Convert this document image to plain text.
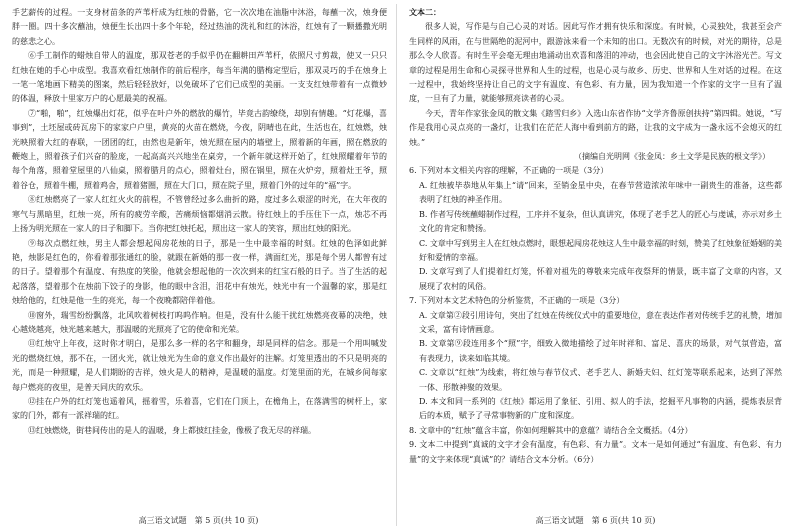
手艺薪传的过程。一支身材苗条的芦苇杆成为红烛的骨骼，它一次次地在油脂中沐浴，每蘸一次，烛身便胖一圈。四十多次蘸油，烛便生长出四十多个年轮，经过热油的洗礼和红的沐浴，红烛有了一颗播撒光明的慈悲之心。

⑥手工制作的蜡烛自带人的温度，那双苍老的手似乎仍在翻耕田芦苇杆，依照尺寸剪裁，使又一只只红烛在她的手心中成型。我喜欢看红烛制作的前后程序，每当年满的腊梅定型后，那双灵巧的手在烛身上一笔一笔地画下精美的图案，然后轻轻放好，以免破坏了它们已成型的美丽。一支支红烛带着有一点微妙的体温，释放十里家万户的心愿最美的祝福。

⑦“啪，啪”，红烛爆出灯花，似乎在叶户外的燃放的爆竹，毕竟古韵缭绕，却别有情趣。“灯花爆，喜事到”，土坯屋或砖瓦房下的家家户户里，黄亮的火苗在燃烧，今夜，阴晴也在此，生活也在，红烛燃，烛光映照着大红的春联，一团团的红，由然也是新年，烛光照在屋内的墙壁上，照着新的年画，照在燃放的鞭炮上，照着孩子们兴奋的脸庞，一起高高兴兴地坐在桌旁，一个新年就这样开始了，红烛照耀着年节的每个角落，照着堂屋里的八仙桌，照着腊月的点心，照着灶台，照在锅里，照在火炉旁，照着灶王爷，照着谷仓，照着牛棚，照着鸡舍，照着猪圈，照在大门口，照在院子里，照着门外的过年的“福”字。

⑧红烛燃亮了一家人红红火火的前程，不管曾经过多么曲折的路，度过多么艰涩的时光，在大年夜的寒气与黑暗里，红烛一亮，所有的疲劳辛酸，苦痛烦恼都烟消云散。待红烛上的手压住下一点，烛芯不再上扬为明光照在一家人的日子和脚下。当你把红烛托起，照出这一家人的笑容，照出红烛的阳光。

⑨每次点燃红烛，男主人都会想起闯房花烛的日子，那是一生中最幸福的时刻。红烛的色泽如此鲜艳，烛影是红色的，你看着那张通红的脸，就跟在新婚的那一夜一样，满面红光，那是每个男人都曾有过的日子。望着那个有温度、有热度的笑脸，他就会想起他的一次次到来的红宝石般的日子。当了生活的起起落落，望着那个在烛前下饺子的身影，他的眼中含泪，泪花中有烛光，烛光中有一个温馨的家，那是红烛给他的，红烛是他一生的亮光，每一个夜晚都陪伴着他。

⑩窗外，瑞雪纷纷飘落，北风吹着树枝打呜呜作响。但是，没有什么能干扰红烛燃亮夜幕的决绝，烛心越烧越亮，烛光越来越大，那温暖的光照亮了它的使命和光荣。

⑪红烛守上年夜，这时你才明白，是那么多一样的名字和翻身，却是同样的信念。那是一个用叫喊发光的燃烧红烛，那不在，一团火光，就让烛光为生命的意义作出最好的注解。灯笼里透出的不只是明亮的光，而是一种照耀，是人们期盼的吉祥，烛火是人的精神，是温暖的温度。灯笼里面的光，在城乡间每家每户燃亮的夜里，是普天同庆的欢乐。

⑫挂在户外的红灯笼也遥着风，摇着雪，乐着喜，它们在门顶上，在檐角上，在落满雪的树杆上，家家的门外，都有一派祥瑞的红。

⑬红烛燃烧，街巷间传出的是人的温暖，身上都披红挂金，像极了我无尽的祥瑞。

高三语文试题　第 5 页(共 10 页)

文本二：

很多人说，写作是与自己心灵的对话。因此写作才拥有快乐和深度。有时候，心灵独处，我甚至会产生同样的风雨，在与世隔绝的泥河中，跟游泳来看一个未知的出口。无数次有的时候，对光的期待，总是那么令人欣喜。有时生平会毫无理由地涌动出欢喜和落泪的冲动，也会因此使自己的文字沐浴光芒。写文章的过程是用生命和心灵探寻世界和人生的过程，也是心灵与故乡、历史、世界和人生对话的过程。在这一过程中，我始终坚持让自己的文字有温度、有色彩、有力量，因为我知道一个作家的文字一旦有了温度，一旦有了力量，就能够照亮读者的心灵。

今天，青年作家张金凤的散文集《踏雪归乡》入选山东省作协“文学齐鲁原创扶持”第四辑。她说，“写作是我用心灵点亮的一盏灯，让我们在茫茫人海中看到前方的路，让我的文字成为一盏永远不会熄灭的红烛。”

（摘编自光明网《张金凤：乡土文学是民族的根文学》）

6. 下列对本文相关内容的理解，不正确的一项是（3分）

A. 红烛被毕恭地从年集上“请”回来，至销金星中央，在春节营造浓浓年味中一副贵生的准备，这些都表明了红烛的神圣作用。

B. 作者写传统蘸蜡制作过程，工序并不复杂，但认真讲究，体现了老手艺人的匠心与虔诚，亦示对乡土文化的肯定和赞扬。

C. 文章中写到男主人在红烛点燃时，眼想起闯房花烛这人生中最幸福的时刻，赞美了红烛象征婚姻的美好和爱情的幸福。

D. 文章写到了人们提着红灯笼，怀着对祖先的尊敬来完成年夜祭拜的情景，既丰富了文章的内容，又展现了农村的风俗。

7. 下列对本文艺术特色的分析鉴赏，不正确的一项是（3分）

A. 文章第②段引用诗句，突出了红烛在传统仪式中的重要地位，意在表达作者对传统手艺的礼赞，增加文采，富有诗情画意。

B. 文章第⑨段连用多个“照”字，细致入微地描绘了过年时祥和、富足、喜庆的场景，对气氛营造，富有表现力，读来如临其境。

C. 文章以“红烛”为线索，将红烛与春节仪式、老手艺人、新婚夫妇、红灯笼等联系起来，达到了浑然一体、形散神聚的效果。

D. 本文和同一系列的《红烛》都运用了象征、引用、拟人的手法，挖掘平凡事物的内涵，提炼表层背后的本质，赋予了寻常事物新的广度和深度。

8. 文章中的“红烛”蕴含丰富，你如何理解其中的意蕴？请结合全文概括。（4分）

9. 文本二中提到“真诚的文字才会有温度，有色彩、有力量”。文本一是如何通过“有温度、有色彩、有力量”的文字来体现“真诚”的？请结合文本分析。（6分）

高三语文试题　第 6 页(共 10 页)
